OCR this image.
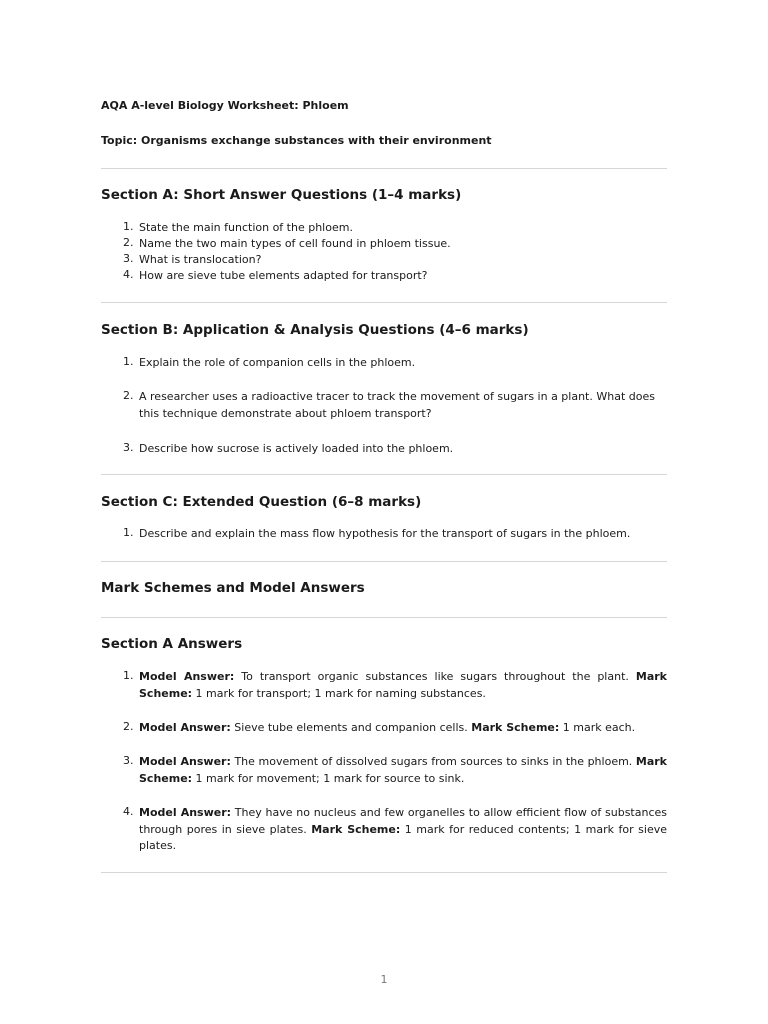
AQA A-level Biology Worksheet: Phloem

Topic: Organisms exchange substances with their environment

Section A: Short Answer Questions (1–4 marks)
1. State the main function of the phloem.

2. Name the two main types of cell found in phloem tissue.

3. What is translocation?

4. How are sieve tube elements adapted for transport?

Section B: Application & Analysis Questions (4–6 marks)
1. Explain the role of companion cells in the phloem.

2. A researcher uses a radioactive tracer to track the movement of sugars in a plant. What does this technique demonstrate about phloem transport?

3. Describe how sucrose is actively loaded into the phloem.

Section C: Extended Question (6–8 marks)
1. Describe and explain the mass flow hypothesis for the transport of sugars in the phloem.

Mark Schemes and Model Answers
Section A Answers
1. Model Answer: To transport organic substances like sugars throughout the plant. Mark Scheme: 1 mark for transport; 1 mark for naming substances.

2. Model Answer: Sieve tube elements and companion cells. Mark Scheme: 1 mark each.

3. Model Answer: The movement of dissolved sugars from sources to sinks in the phloem. Mark Scheme: 1 mark for movement; 1 mark for source to sink.

4. Model Answer: They have no nucleus and few organelles to allow efficient flow of substances through pores in sieve plates. Mark Scheme: 1 mark for reduced contents; 1 mark for sieve plates.

1
